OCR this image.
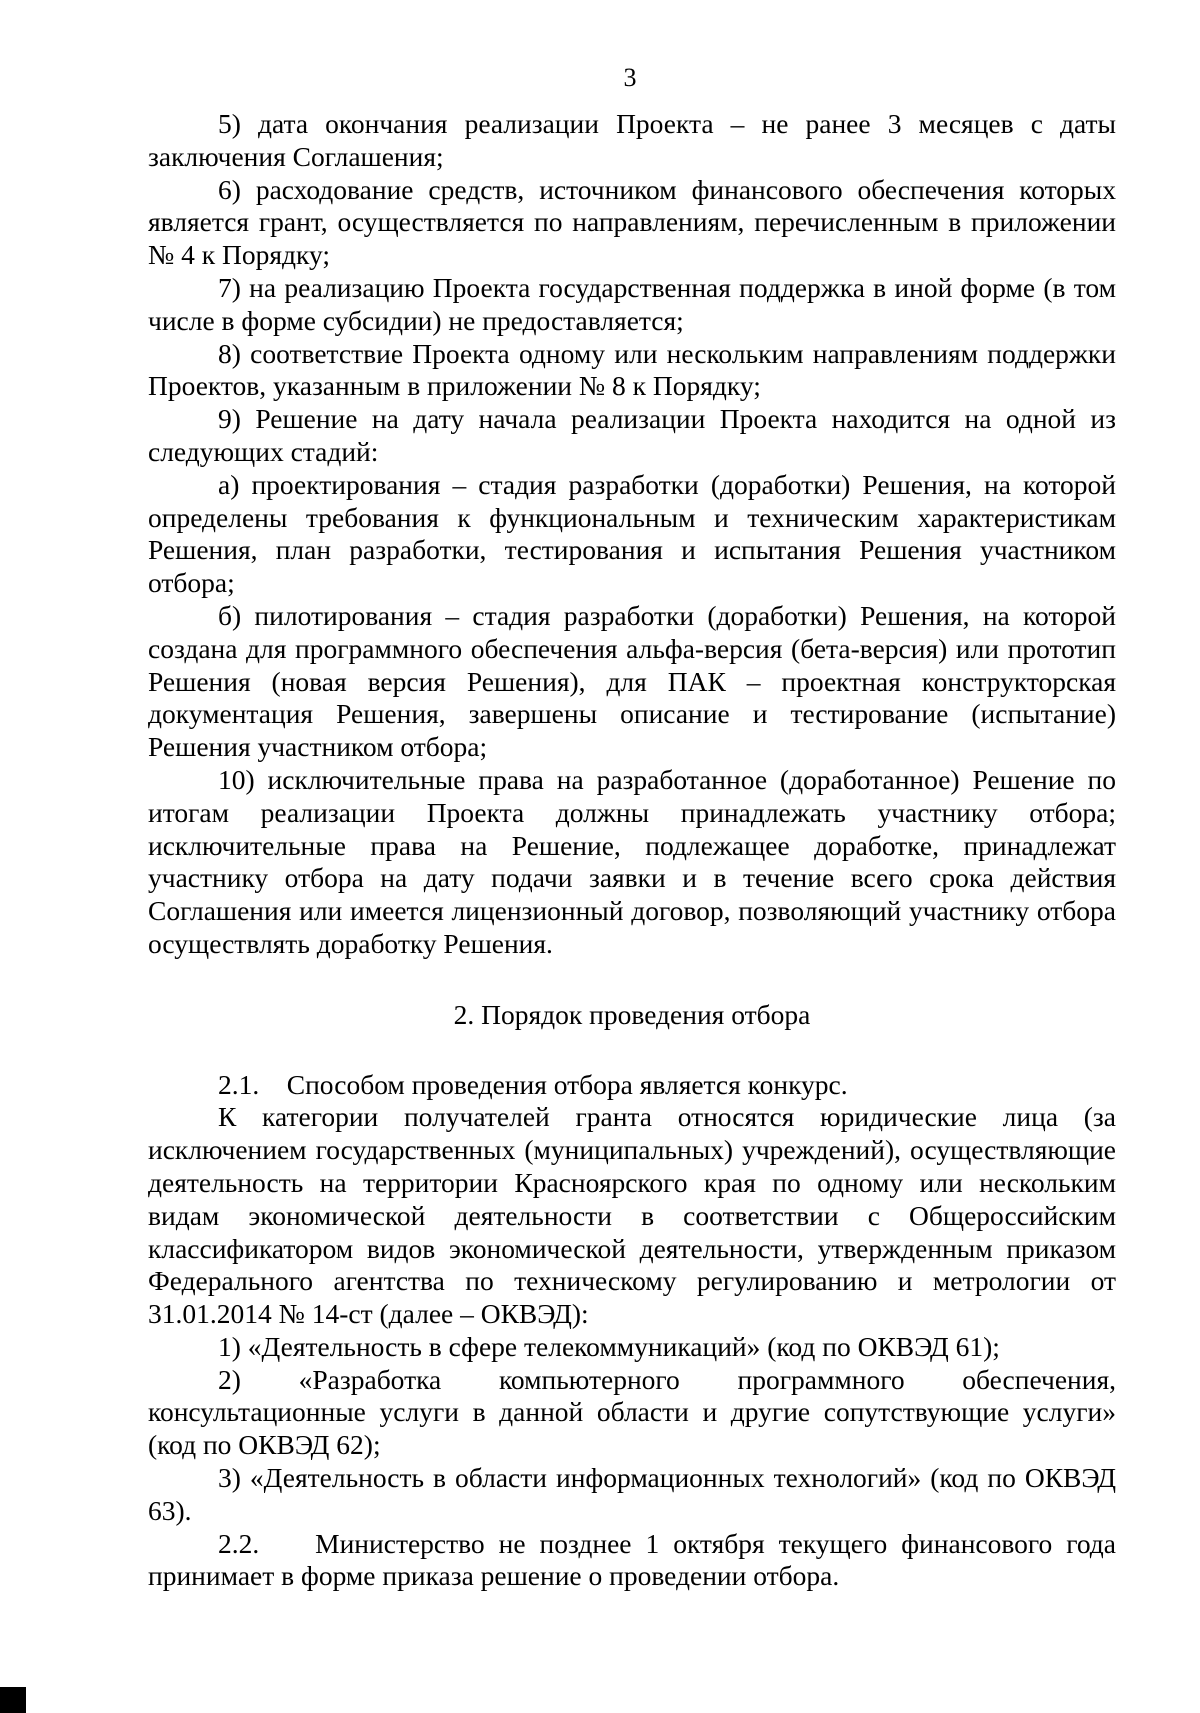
3

5) дата окончания реализации Проекта – не ранее 3 месяцев с даты заключения Соглашения;

6) расходование средств, источником финансового обеспечения которых является грант, осуществляется по направлениям, перечисленным в приложении № 4 к Порядку;

7) на реализацию Проекта государственная поддержка в иной форме (в том числе в форме субсидии) не предоставляется;

8) соответствие Проекта одному или нескольким направлениям поддержки Проектов, указанным в приложении № 8 к Порядку;

9) Решение на дату начала реализации Проекта находится на одной из следующих стадий:

а) проектирования – стадия разработки (доработки) Решения, на которой определены требования к функциональным и техническим характеристикам Решения, план разработки, тестирования и испытания Решения участником отбора;

б) пилотирования – стадия разработки (доработки) Решения, на которой создана для программного обеспечения альфа-версия (бета-версия) или прототип Решения (новая версия Решения), для ПАК – проектная конструкторская документация Решения, завершены описание и тестирование (испытание) Решения участником отбора;

10) исключительные права на разработанное (доработанное) Решение по итогам реализации Проекта должны принадлежать участнику отбора; исключительные права на Решение, подлежащее доработке, принадлежат участнику отбора на дату подачи заявки и в течение всего срока действия Соглашения или имеется лицензионный договор, позволяющий участнику отбора осуществлять доработку Решения.

2. Порядок проведения отбора

2.1.    Способом проведения отбора является конкурс.

К категории получателей гранта относятся юридические лица (за исключением государственных (муниципальных) учреждений), осуществляющие деятельность на территории Красноярского края по одному или нескольким видам экономической деятельности в соответствии с Общероссийским классификатором видов экономической деятельности, утвержденным приказом Федерального агентства по техническому регулированию и метрологии от 31.01.2014 № 14-ст (далее – ОКВЭД):

1) «Деятельность в сфере телекоммуникаций» (код по ОКВЭД 61);

2) «Разработка компьютерного программного обеспечения, консультационные услуги в данной области и другие сопутствующие услуги» (код по ОКВЭД 62);

3) «Деятельность в области информационных технологий» (код по ОКВЭД 63).

2.2.    Министерство не позднее 1 октября текущего финансового года принимает в форме приказа решение о проведении отбора.
